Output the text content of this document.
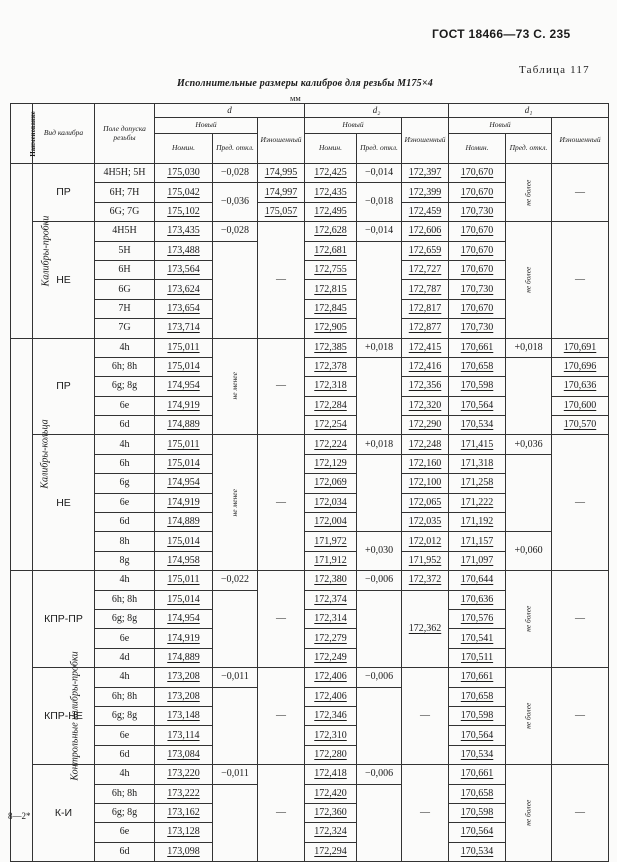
ГОСТ 18466—73 С. 235
Таблица 117
Исполнительные размеры калибров для резьбы М175×4
мм
Наименование	Вид калибра	Поле допуска резьбы	d			d₂			d₁		
			Новый		Изношенный	Новый		Изношенный	Новый		Изношенный
			Номин.	Пред. откл.		Номин.	Пред. откл.		Номин.	Пред. откл.	
Калибры-пробки	ПР	4H5H; 5H	175,030	−0,028	174,995	172,425	−0,014	172,397	170,670	не более	—
		6H; 7H	175,042	−0,036	174,997	172,435	−0,018	172,399	170,670		
		6G; 7G	175,102		175,057	172,495		172,459	170,730		
	НЕ	4H5H	173,435	−0,028	—	172,628	−0,014	172,606	170,670	не более	—
		5H	173,488			172,681		172,659	170,670		
		6H	173,564			172,755		172,727	170,670		
		6G	173,624			172,815		172,787	170,730		
		7H	173,654			172,845		172,817	170,670		
		7G	173,714			172,905		172,877	170,730		
Калибры-кольца	ПР	4h	175,011	не менее	—	172,385	+0,018	172,415	170,661	+0,018	170,691
		6h; 8h	175,014			172,378		172,416	170,658		170,696
		6g; 8g	174,954			172,318		172,356	170,598		170,636
		6e	174,919			172,284		172,320	170,564		170,600
		6d	174,889			172,254		172,290	170,534		170,570
	НЕ	4h	175,011	не менее	—	172,224	+0,018	172,248	171,415	+0,036	—
		6h	175,014			172,129		172,160	171,318		
		6g	174,954			172,069		172,100	171,258		
		6e	174,919			172,034		172,065	171,222		
		6d	174,889			172,004		172,035	171,192		
		8h	175,014			171,972	+0,030	172,012	171,157	+0,060	
		8g	174,958			171,912		171,952	171,097		
Контрольные калибры-пробки	КПР-ПР	4h	175,011	−0,022	—	172,380	−0,006	172,372	170,644	не более	—
		6h; 8h	175,014			172,374		172,362	170,636		
		6g; 8g	174,954			172,314			170,576		
		6e	174,919			172,279			170,541		
		4d	174,889			172,249			170,511		
	КПР-НЕ	4h	173,208	−0,011	—	172,406	−0,006	—	170,661	не более	—
		6h; 8h	173,208			172,406			170,658		
		6g; 8g	173,148			172,346			170,598		
		6e	173,114			172,310			170,564		
		6d	173,084			172,280			170,534		
	К-И	4h	173,220	−0,011	—	172,418	−0,006	—	170,661	не более	—
		6h; 8h	173,222			172,420			170,658		
		6g; 8g	173,162			172,360			170,598		
		6e	173,128			172,324			170,564		
		6d	173,098			172,294			170,534		
8—2*
